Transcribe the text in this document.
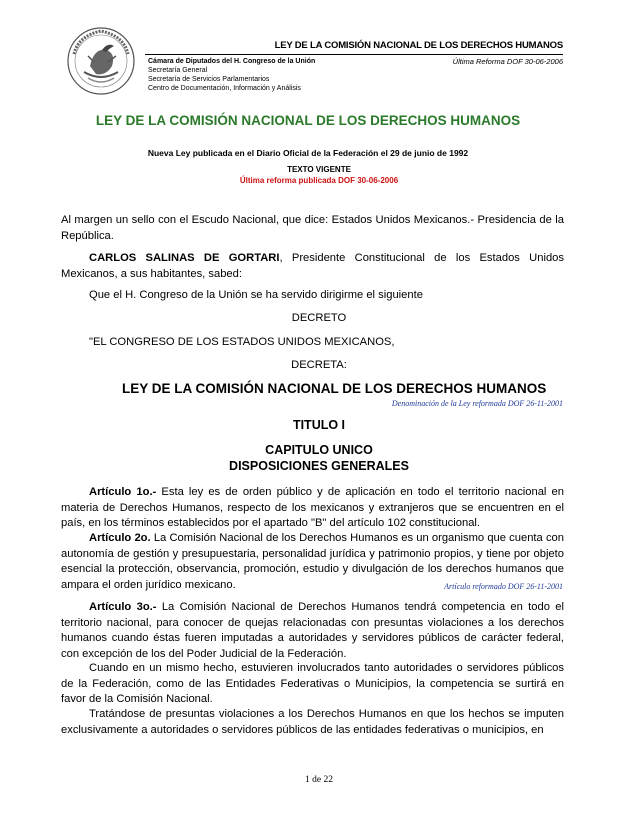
LEY DE LA COMISIÓN NACIONAL DE LOS DERECHOS HUMANOS
Cámara de Diputados del H. Congreso de la Unión
Secretaría General
Secretaría de Servicios Parlamentarios
Centro de Documentación, Información y Análisis
Última Reforma DOF 30-06-2006
LEY DE LA COMISIÓN NACIONAL DE LOS DERECHOS HUMANOS
Nueva Ley publicada en el Diario Oficial de la Federación el 29 de junio de 1992
TEXTO VIGENTE
Última reforma publicada DOF 30-06-2006
Al margen un sello con el Escudo Nacional, que dice: Estados Unidos Mexicanos.- Presidencia de la República.
CARLOS SALINAS DE GORTARI, Presidente Constitucional de los Estados Unidos Mexicanos, a sus habitantes, sabed:
Que el H. Congreso de la Unión se ha servido dirigirme el siguiente
DECRETO
"EL CONGRESO DE LOS ESTADOS UNIDOS MEXICANOS,
DECRETA:
LEY DE LA COMISIÓN NACIONAL DE LOS DERECHOS HUMANOS
Denominación de la Ley reformada DOF 26-11-2001
TITULO I
CAPITULO UNICO
DISPOSICIONES GENERALES
Artículo 1o.- Esta ley es de orden público y de aplicación en todo el territorio nacional en materia de Derechos Humanos, respecto de los mexicanos y extranjeros que se encuentren en el país, en los términos establecidos por el apartado "B" del artículo 102 constitucional.
Artículo 2o. La Comisión Nacional de los Derechos Humanos es un organismo que cuenta con autonomía de gestión y presupuestaria, personalidad jurídica y patrimonio propios, y tiene por objeto esencial la protección, observancia, promoción, estudio y divulgación de los derechos humanos que ampara el orden jurídico mexicano.	Artículo reformado DOF 26-11-2001
Artículo 3o.- La Comisión Nacional de Derechos Humanos tendrá competencia en todo el territorio nacional, para conocer de quejas relacionadas con presuntas violaciones a los derechos humanos cuando éstas fueren imputadas a autoridades y servidores públicos de carácter federal, con excepción de los del Poder Judicial de la Federación.
Cuando en un mismo hecho, estuvieren involucrados tanto autoridades o servidores públicos de la Federación, como de las Entidades Federativas o Municipios, la competencia se surtirá en favor de la Comisión Nacional.
Tratándose de presuntas violaciones a los Derechos Humanos en que los hechos se imputen exclusivamente a autoridades o servidores públicos de las entidades federativas o municipios, en
1 de 22
